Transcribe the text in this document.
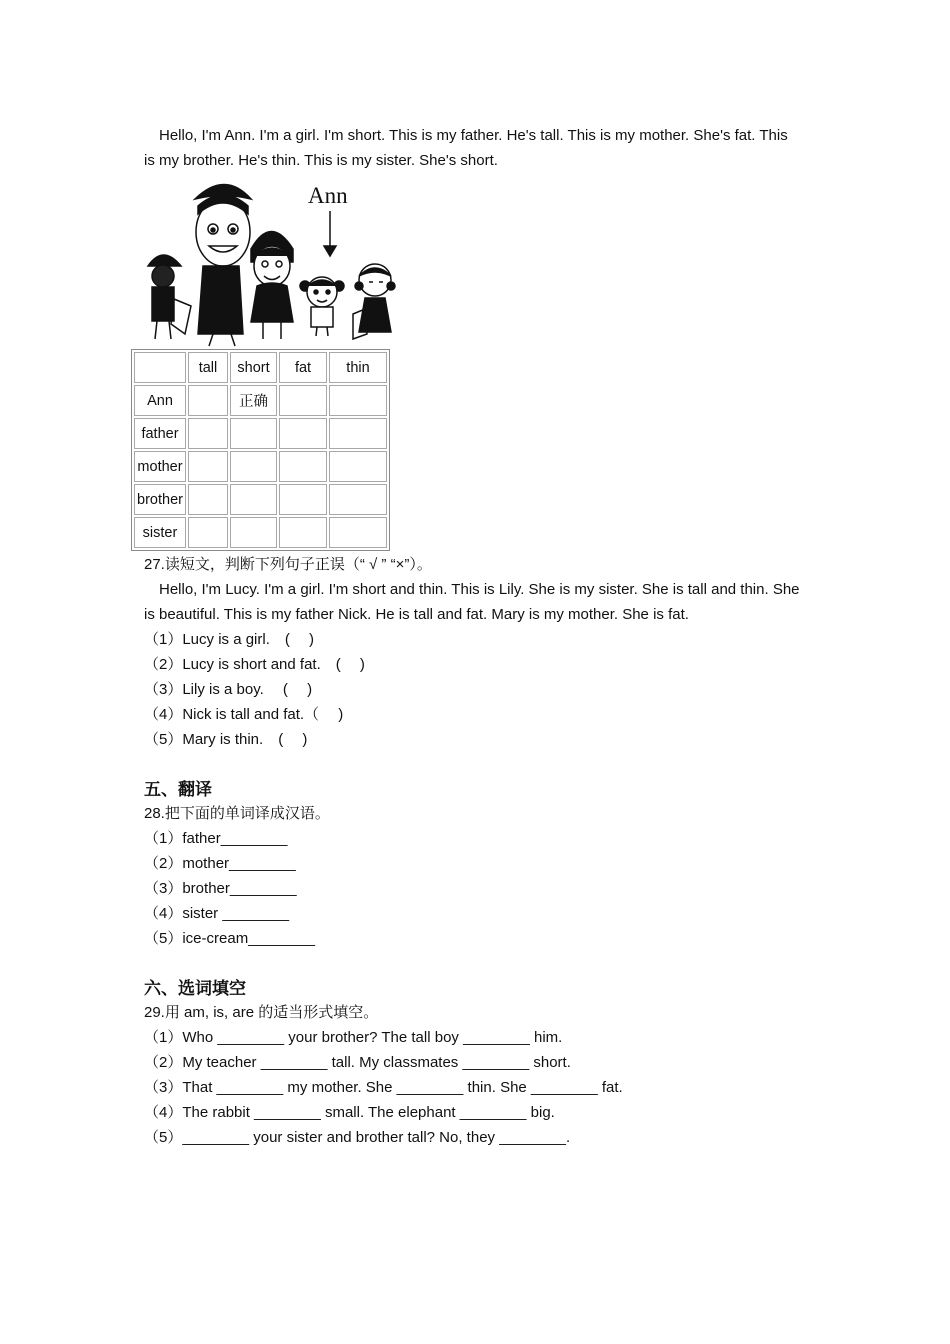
Hello, I'm Ann. I'm a girl. I'm short. This is my father. He's tall. This is my mother. She's fat. This
is my brother. He's thin. This is my sister. She's short.
Ann
	tall	short	fat	thin
Ann		正确		
father				
mother				
brother				
sister				
27.读短文，判断下列句子正误（“ √ ” “×”）。
Hello, I'm Lucy. I'm a girl. I'm short and thin. This is Lily. She is my sister. She is tall and thin. She
is beautiful. This is my father Nick. He is tall and fat. Mary is my mother. She is fat.
（1）Lucy is a girl.　(　 )
（2）Lucy is short and fat.　(　 )
（3）Lily is a boy.　 (　 )
（4）Nick is tall and fat.（　 )
（5）Mary is thin.　(　 )
五、翻译
28.把下面的单词译成汉语。
（1）father________
（2）mother________
（3）brother________
（4）sister ________
（5）ice-cream________
六、选词填空
29.用 am, is, are 的适当形式填空。
（1）Who ________ your brother? The tall boy ________ him.
（2）My teacher ________ tall. My classmates ________ short.
（3）That ________ my mother. She ________ thin. She ________ fat.
（4）The rabbit ________ small. The elephant ________ big.
（5）________ your sister and brother tall? No, they ________.
